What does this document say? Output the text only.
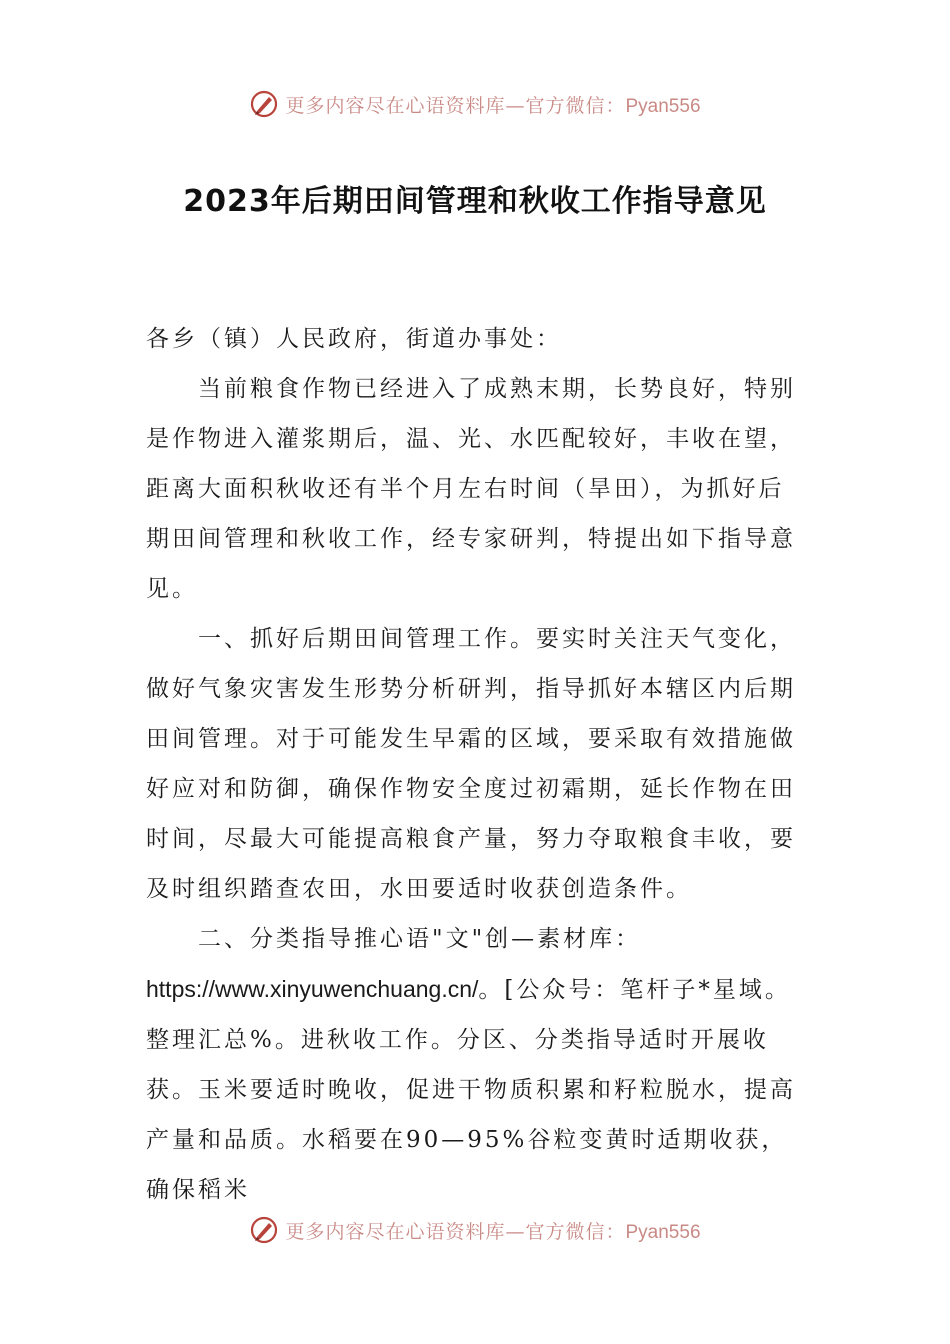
更多内容尽在心语资料库—官方微信：Pyan556
2023年后期田间管理和秋收工作指导意见

各乡（镇）人民政府，街道办事处：

当前粮食作物已经进入了成熟末期，长势良好，特别是作物进入灌浆期后，温、光、水匹配较好，丰收在望，距离大面积秋收还有半个月左右时间（旱田），为抓好后期田间管理和秋收工作，经专家研判，特提出如下指导意见。

一、抓好后期田间管理工作。要实时关注天气变化，做好气象灾害发生形势分析研判，指导抓好本辖区内后期田间管理。对于可能发生早霜的区域，要采取有效措施做好应对和防御，确保作物安全度过初霜期，延长作物在田时间，尽最大可能提高粮食产量，努力夺取粮食丰收，要及时组织踏查农田，水田要适时收获创造条件。

二、分类指导推心语"文"创—素材库：

https://www.xinyuwenchuang.cn/。[公众号：笔杆子*星域。整理汇总%。进秋收工作。分区、分类指导适时开展收获。玉米要适时晚收，促进干物质积累和籽粒脱水，提高产量和品质。水稻要在90—95%谷粒变黄时适期收获，确保稻米

更多内容尽在心语资料库—官方微信：Pyan556
